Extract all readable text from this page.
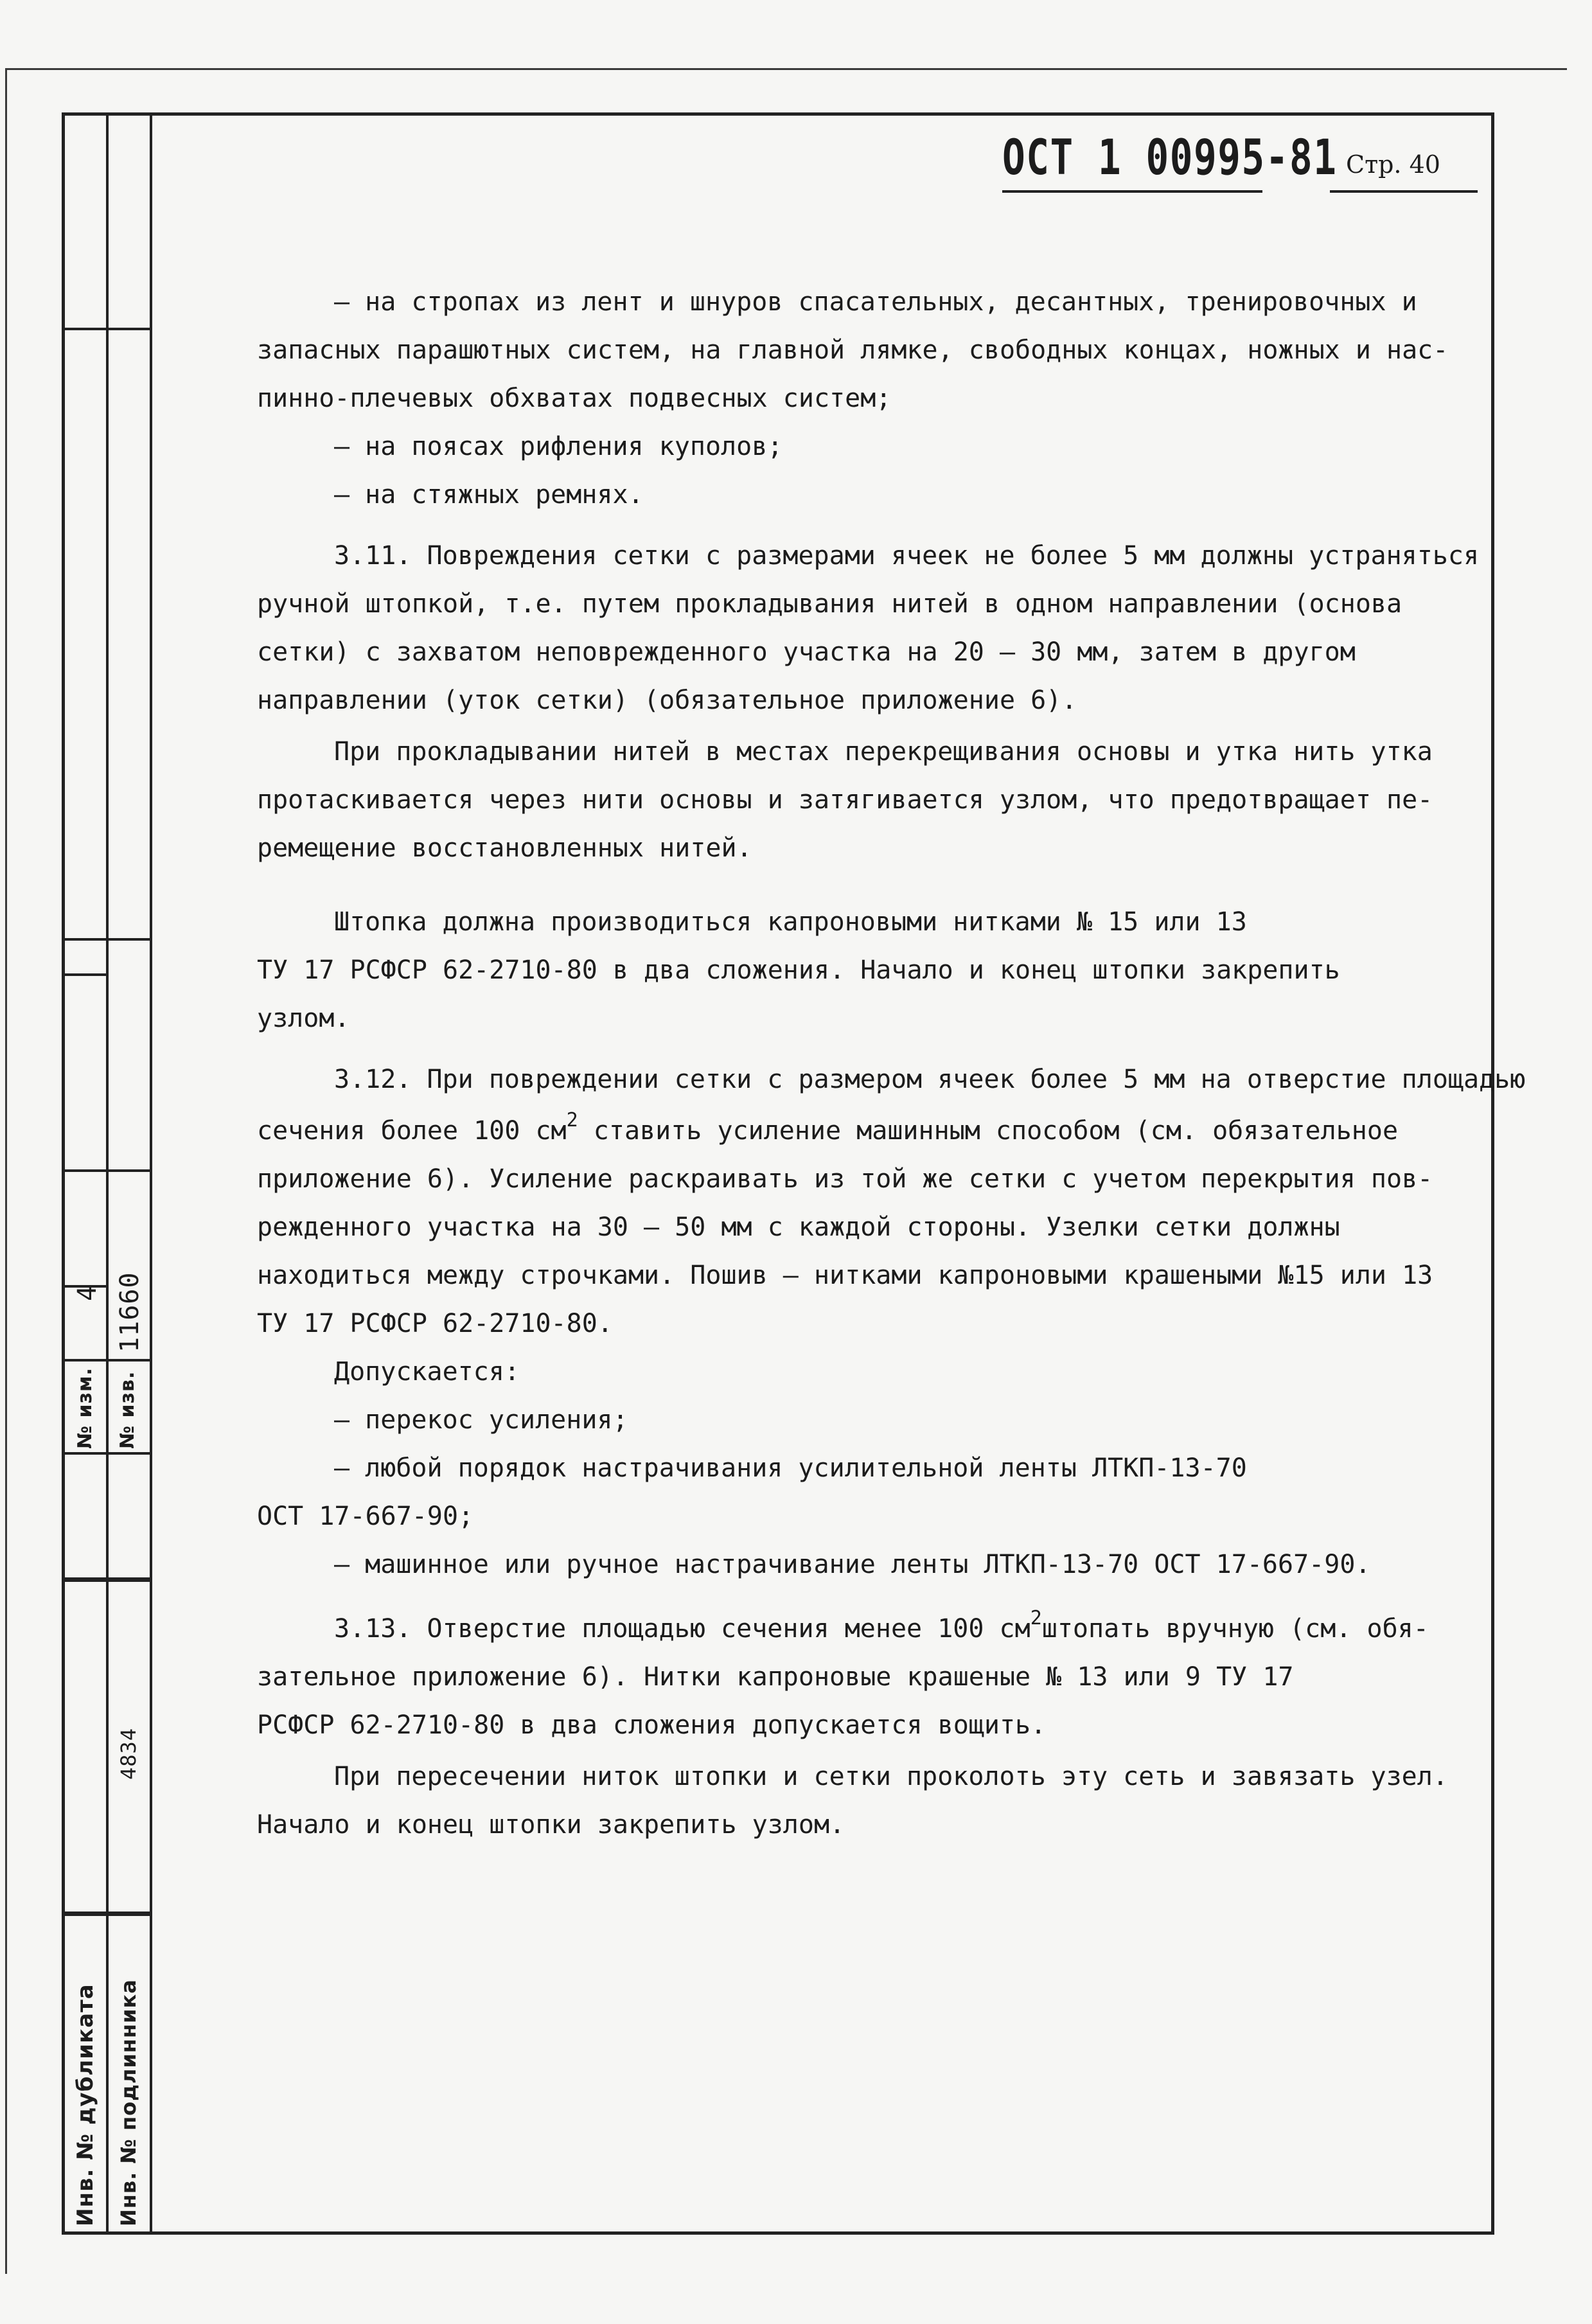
№ изм.
4
№ изв.
11660
4834
Инв. № дубликата Инв. № подлинника
ОСТ 1 00995-81 Стр. 40
– на стропах из лент и шнуров спасательных, десантных, тренировочных и
запасных парашютных систем, на главной лямке, свободных концах, ножных и нас-
пинно-плечевых обхватах подвесных систем;
– на поясах рифления куполов;
– на стяжных ремнях.
3.11. Повреждения сетки с размерами ячеек не более 5 мм должны устраняться
ручной штопкой, т.е. путем прокладывания нитей в одном направлении (основа
сетки) с захватом неповрежденного участка на 20 – 30 мм, затем в другом
направлении (уток сетки) (обязательное приложение 6).
При прокладывании нитей в местах перекрещивания основы и утка нить утка
протаскивается через нити основы и затягивается узлом, что предотвращает пе-
ремещение восстановленных нитей.
Штопка должна производиться капроновыми нитками № 15 или 13
ТУ 17 РСФСР 62-2710-80 в два сложения. Начало и конец штопки закрепить
узлом.
3.12. При повреждении сетки с размером ячеек более 5 мм на отверстие площадью
сечения более 100 $см^2$ ставить усиление машинным способом (см. обязательное
приложение 6). Усиление раскраивать из той же сетки с учетом перекрытия пов-
режденного участка на 30 – 50 мм с каждой стороны. Узелки сетки должны
находиться между строчками. Пошив – нитками капроновыми крашеными №15 или 13
ТУ 17 РСФСР 62-2710-80.
Допускается:
– перекос усиления;
– любой порядок настрачивания усилительной ленты ЛТКП-13-70
ОСТ 17-667-90;
– машинное или ручное настрачивание ленты ЛТКП-13-70 ОСТ 17-667-90.
3.13. Отверстие площадью сечения менее 100 $см^2штопать$ вручную (см. обя-
зательное приложение 6). Нитки капроновые крашеные № 13 или 9 ТУ 17
РСФСР 62-2710-80 в два сложения допускается вощить.
При пересечении ниток штопки и сетки проколоть эту сеть и завязать узел.
Начало и конец штопки закрепить узлом.
